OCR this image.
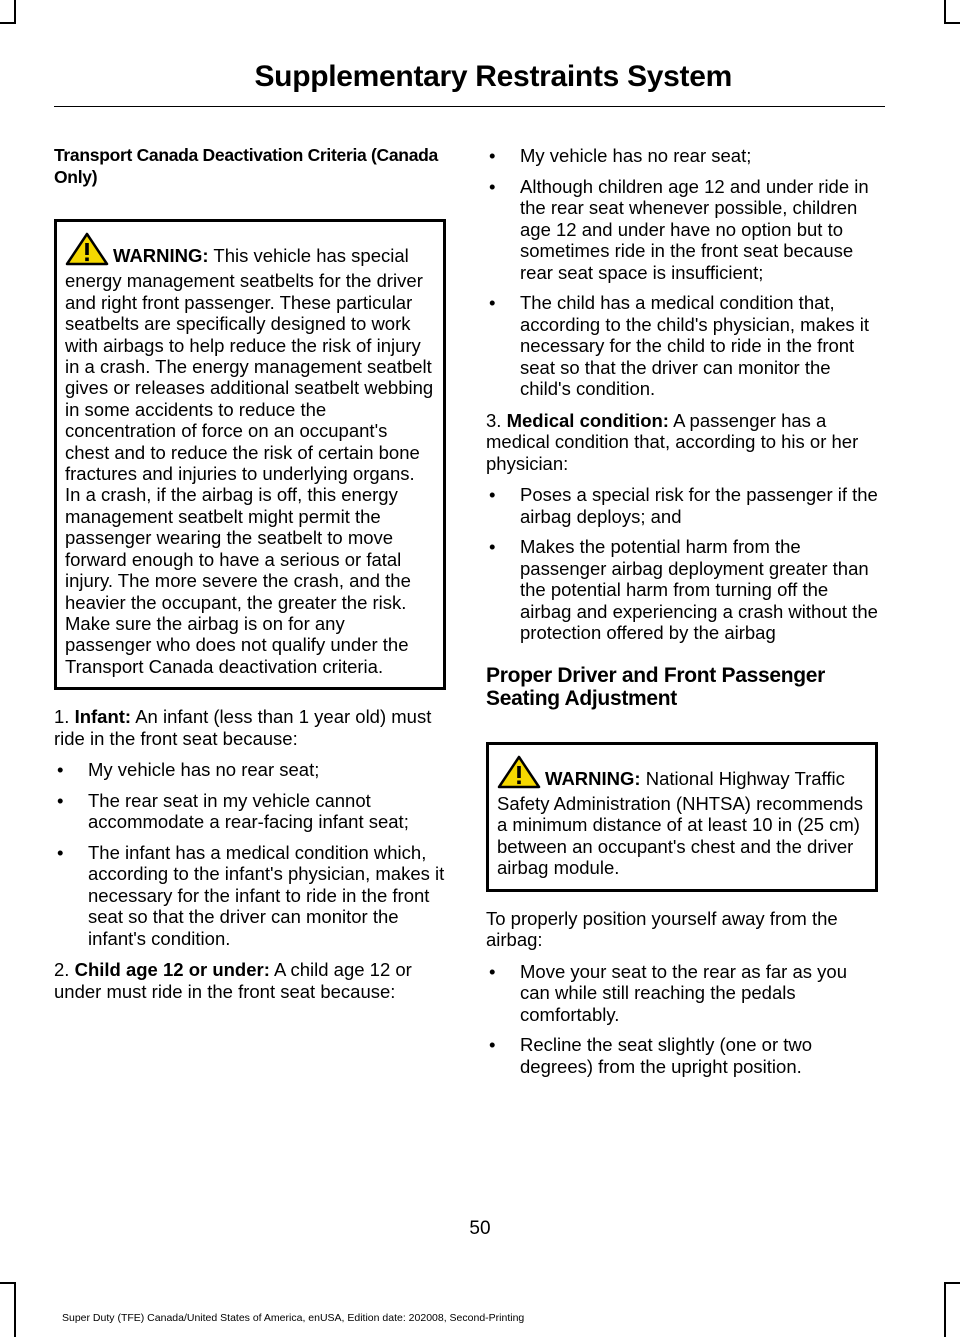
Supplementary Restraints System
Transport Canada Deactivation Criteria (Canada Only)
WARNING: This vehicle has special energy management seatbelts for the driver and right front passenger. These particular seatbelts are specifically designed to work with airbags to help reduce the risk of injury in a crash. The energy management seatbelt gives or releases additional seatbelt webbing in some accidents to reduce the concentration of force on an occupant's chest and to reduce the risk of certain bone fractures and injuries to underlying organs. In a crash, if the airbag is off, this energy management seatbelt might permit the passenger wearing the seatbelt to move forward enough to have a serious or fatal injury. The more severe the crash, and the heavier the occupant, the greater the risk. Make sure the airbag is on for any passenger who does not qualify under the Transport Canada deactivation criteria.

1. Infant: An infant (less than 1 year old) must ride in the front seat because:

• My vehicle has no rear seat;
• The rear seat in my vehicle cannot accommodate a rear-facing infant seat;
• The infant has a medical condition which, according to the infant's physician, makes it necessary for the infant to ride in the front seat so that the driver can monitor the infant's condition.

2. Child age 12 or under: A child age 12 or under must ride in the front seat because:

• My vehicle has no rear seat;
• Although children age 12 and under ride in the rear seat whenever possible, children age 12 and under have no option but to sometimes ride in the front seat because rear seat space is insufficient;
• The child has a medical condition that, according to the child's physician, makes it necessary for the child to ride in the front seat so that the driver can monitor the child's condition.

3. Medical condition: A passenger has a medical condition that, according to his or her physician:

• Poses a special risk for the passenger if the airbag deploys; and
• Makes the potential harm from the passenger airbag deployment greater than the potential harm from turning off the airbag and experiencing a crash without the protection offered by the airbag
Proper Driver and Front Passenger Seating Adjustment
WARNING: National Highway Traffic Safety Administration (NHTSA) recommends a minimum distance of at least 10 in (25 cm) between an occupant's chest and the driver airbag module.

To properly position yourself away from the airbag:

• Move your seat to the rear as far as you can while still reaching the pedals comfortably.
• Recline the seat slightly (one or two degrees) from the upright position.
50
Super Duty (TFE) Canada/United States of America, enUSA, Edition date: 202008, Second-Printing
